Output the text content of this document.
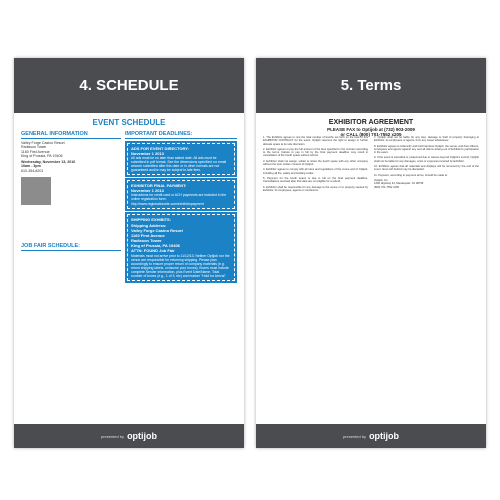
4. SCHEDULE
EVENT SCHEDULE
GENERAL INFORMATION
Valley Forge Casino Resort
Radisson Tower
1160 First Avenue
King of Prussia, PA 19406
Wednesday, November 13, 2016
10am - 3pm
610-354-8201
JOB FAIR SCHEDULE:
IMPORTANT DEADLINES:
ADS FOR EVENT DIRECTORY:
November 1 2013
All ads must be no later than stated date. All ads must be submitted in pdf format. See the dimensions specified; no email artwork submitted after this date or in other formats are not guaranteed and/or may be subject to late fees.
EXHIBITOR FINAL PAYMENT:
November 1 2013
Instructions for credit card or ACH payments are included in the online registration form: http://www.registrationsite.com/exhibitorpayment
SHIPPING EXHIBITS:
Shipping Address:
Valley Forge Casino Resort
1160 First Avenue
Radisson Tower
King of Prussia, PA 19406
ATTN: FOUND Job Fair
Materials must not arrive prior to 11/12/13. Neither Optijob nor the venue are responsible for returning shipping. Please plan accordingly to ensure proper return of company materials (e.g. return shipping labels, consume your boxes). Boxes must include complete Sender information, plus Event Date/Name. Total number of boxes (e.g., 1 of 3, etc) and marker "Hold for Arrival"
presented by optijob
5. Terms
EXHIBITOR AGREEMENT
PLEASE FAX to Optijob at (732) 903-2009
or CALL (800) 701-7552 x205

1. The Exhibitor agrees to rent the total number of booths set forth on the face of this EXHIBITOR CONTRACT for the event. Optijob reserves the right to assign or further allocate space at its sole discretion.

2. Exhibitor agrees to pay the full amount of the fees specified in the contract according to the terms. Failure to pay in full by the final payment deadline may result in cancellation of the booth space without refund.

3. Exhibitor shall not assign, sublet or share the booth space with any other company without the prior written consent of Optijob.

4. Exhibitor agrees to comply with all rules and regulations of the venue and of Optijob, including all fire, safety and building codes.

5. Payment for the booth space is due in full on the final payment deadline. Cancellations received after that date are not eligible for a refund.

6. Exhibitor shall be responsible for any damage to the venue or to property caused by Exhibitor, its employees, agents or contractors.

7. Optijob shall not be liable for any loss, damage or theft of property belonging to Exhibitor, its employees or agents, from any cause whatsoever.

8. Exhibitor agrees to indemnify and hold harmless Optijob, the venue, and their officers, employees and agents against any and all claims arising out of Exhibitor's participation in the event.

9. If the event is cancelled or postponed due to causes beyond Optijob's control, Optijob shall not be liable for any damages, costs or expenses incurred by Exhibitor.

10. Exhibitor agrees that all materials and displays will be removed by the end of the event. Items left behind may be discarded.

11. Payment, according to payment terms, should be made to:

Optijob, Inc.
1200 Highway 34, Manasquan, NJ 08736
(800) 701-7552 x205
presented by optijob
